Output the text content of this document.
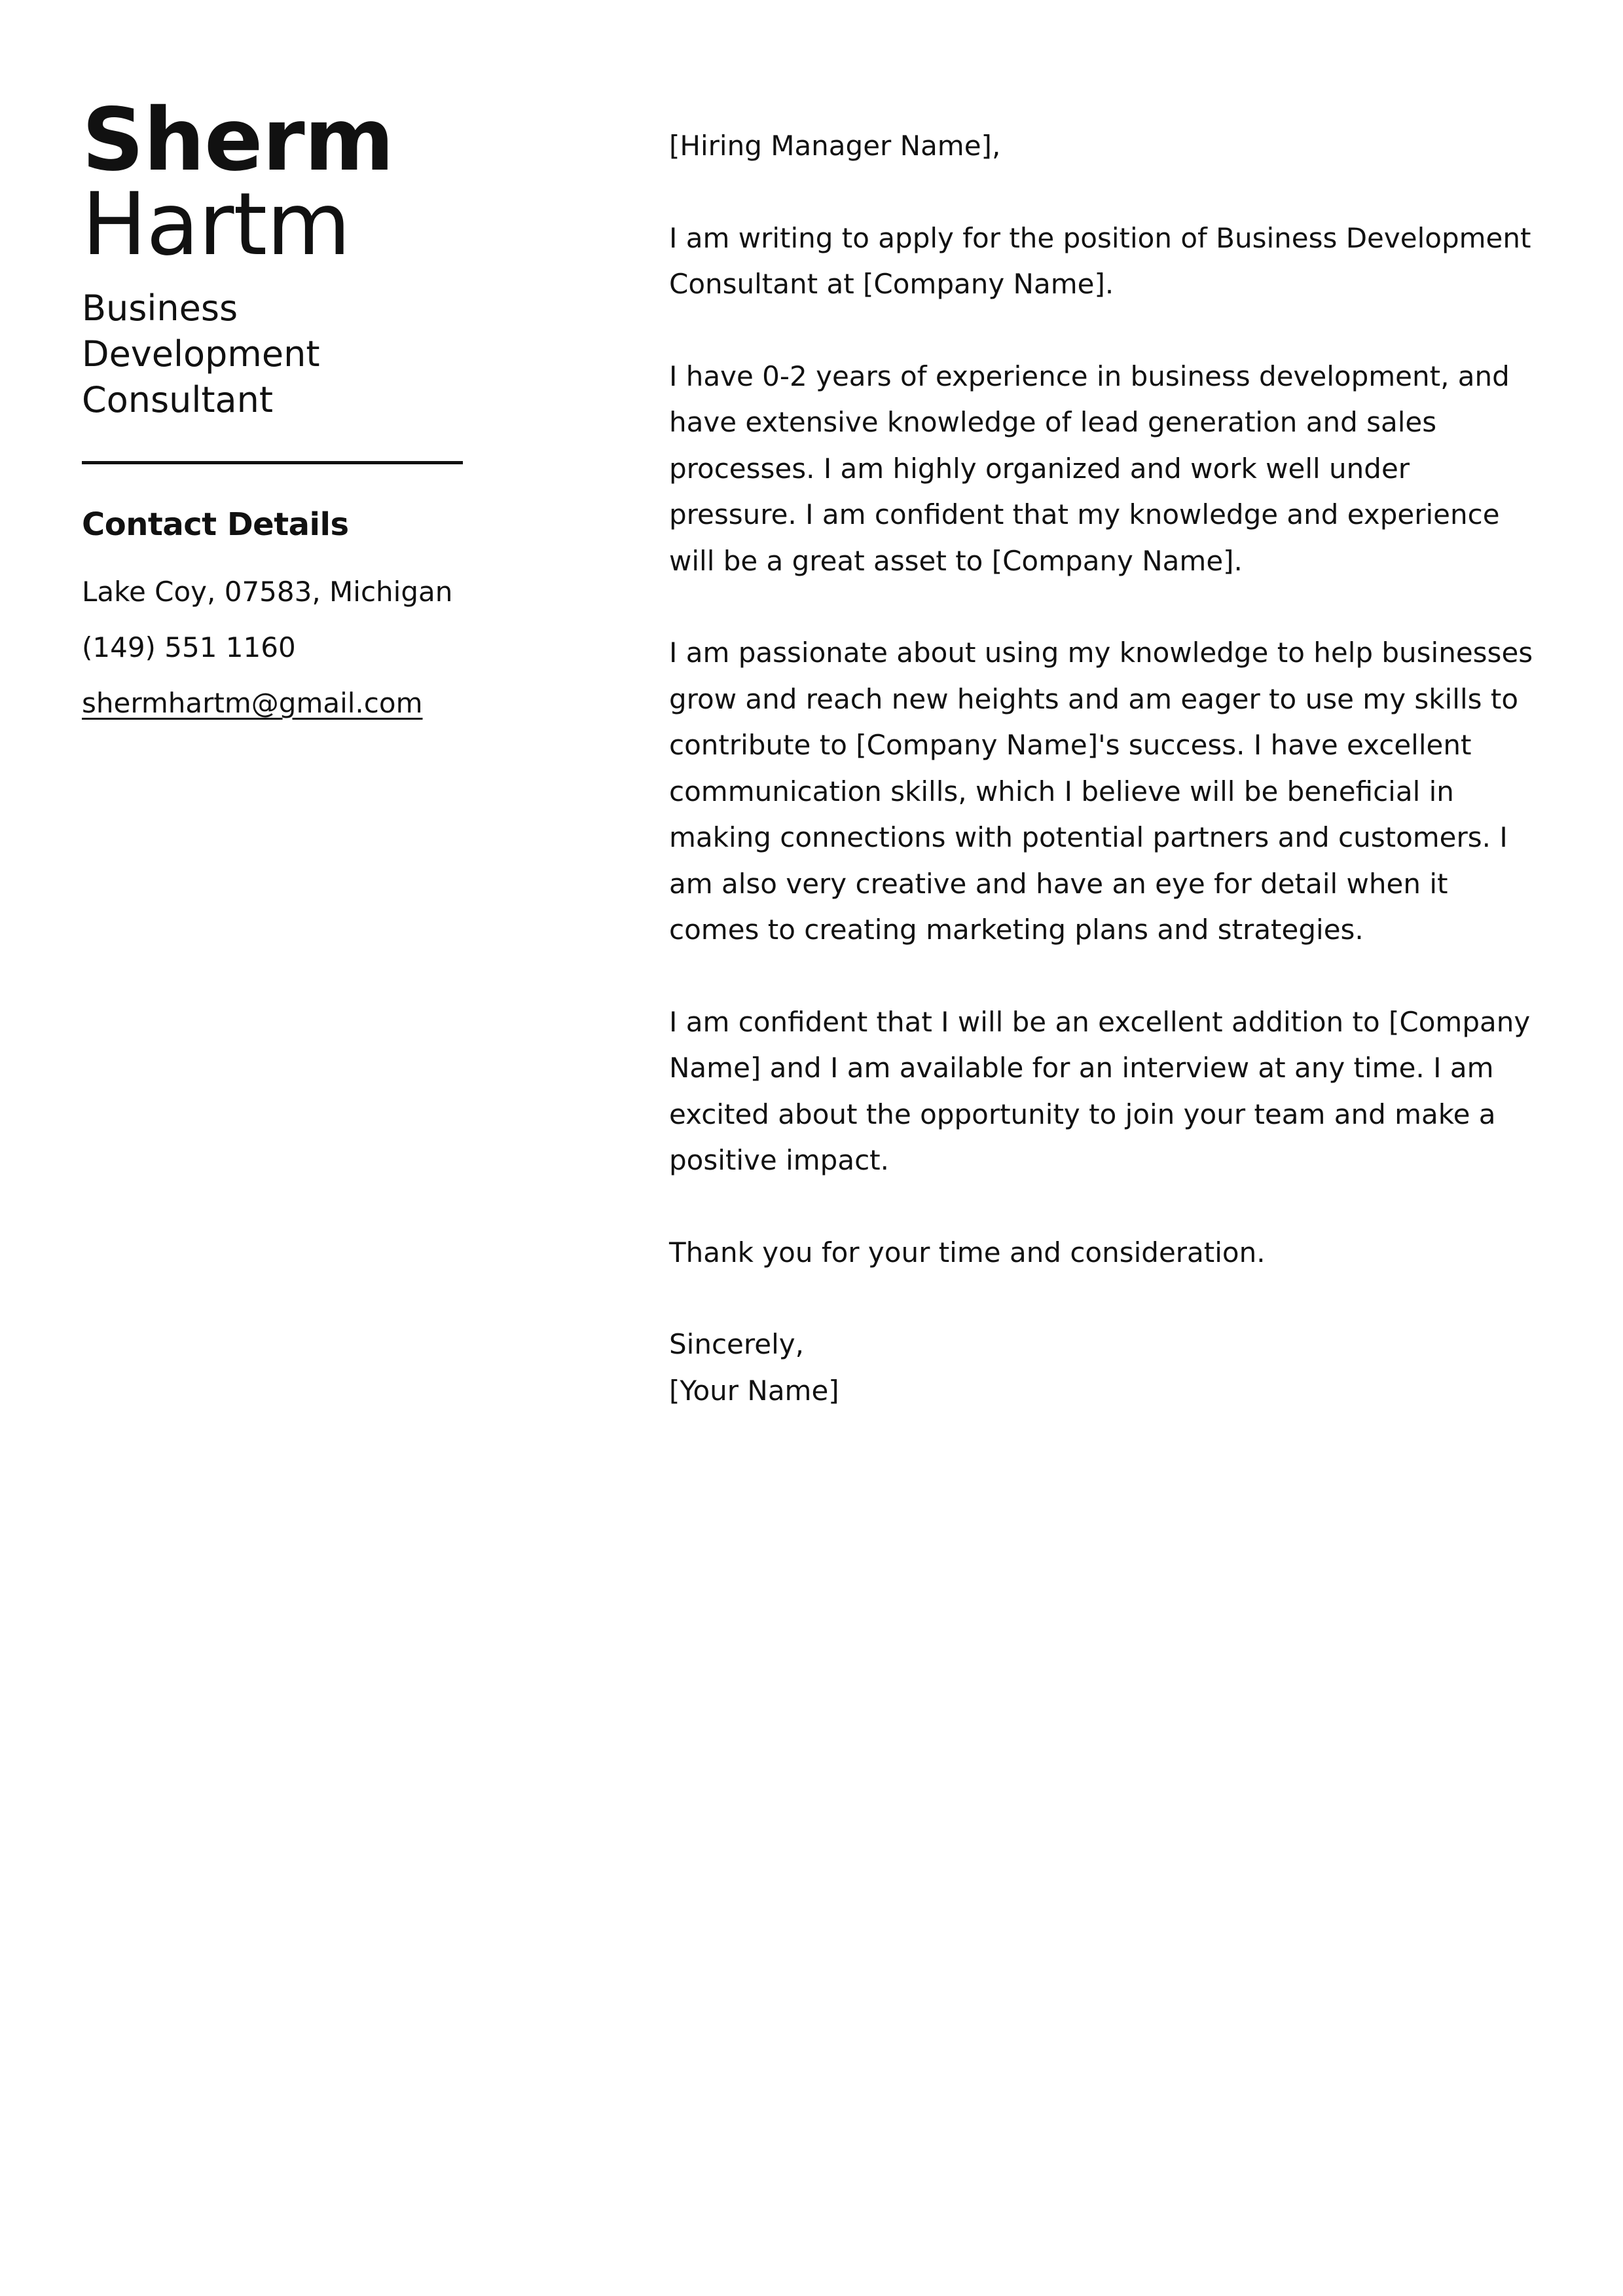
Sherm
Hartm
Business Development Consultant
Contact Details
Lake Coy, 07583, Michigan
(149) 551 1160
shermhartm@gmail.com

[Hiring Manager Name],

I am writing to apply for the position of Business Development Consultant at [Company Name].

I have 0-2 years of experience in business development, and have extensive knowledge of lead generation and sales processes. I am highly organized and work well under pressure. I am confident that my knowledge and experience will be a great asset to [Company Name].

I am passionate about using my knowledge to help businesses grow and reach new heights and am eager to use my skills to contribute to [Company Name]'s success. I have excellent communication skills, which I believe will be beneficial in making connections with potential partners and customers. I am also very creative and have an eye for detail when it comes to creating marketing plans and strategies.

I am confident that I will be an excellent addition to [Company Name] and I am available for an interview at any time. I am excited about the opportunity to join your team and make a positive impact.

Thank you for your time and consideration.

Sincerely,
[Your Name]
